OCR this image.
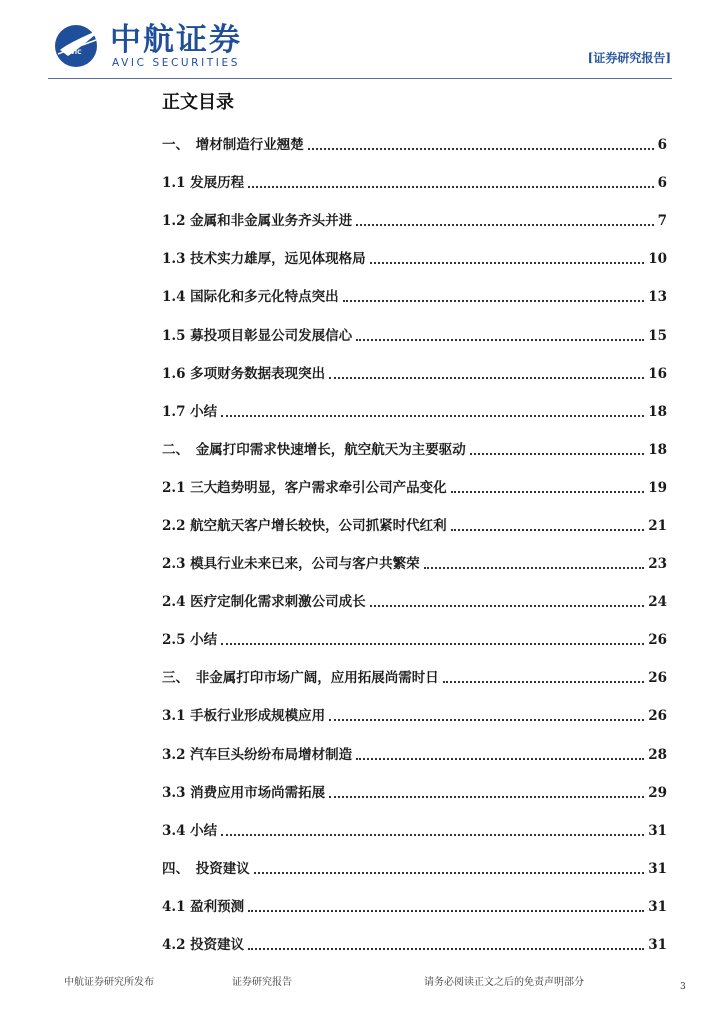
AVIC 中航证券
AVIC SECURITIES	[证券研究报告]
正文目录
一、　增材制造行业翘楚	6
1.1 发展历程	6
1.2 金属和非金属业务齐头并进	7
1.3 技术实力雄厚，远见体现格局	10
1.4 国际化和多元化特点突出	13
1.5 募投项目彰显公司发展信心	15
1.6 多项财务数据表现突出	16
1.7 小结	18
二、　金属打印需求快速增长，航空航天为主要驱动	18
2.1 三大趋势明显，客户需求牵引公司产品变化	19
2.2 航空航天客户增长较快，公司抓紧时代红利	21
2.3 模具行业未来已来，公司与客户共繁荣	23
2.4 医疗定制化需求刺激公司成长	24
2.5 小结	26
三、　非金属打印市场广阔，应用拓展尚需时日	26
3.1 手板行业形成规模应用	26
3.2 汽车巨头纷纷布局增材制造	28
3.3 消费应用市场尚需拓展	29
3.4 小结	31
四、　投资建议	31
4.1 盈利预测	31
4.2 投资建议	31
中航证券研究所发布	证券研究报告	请务必阅读正文之后的免责声明部分	3
